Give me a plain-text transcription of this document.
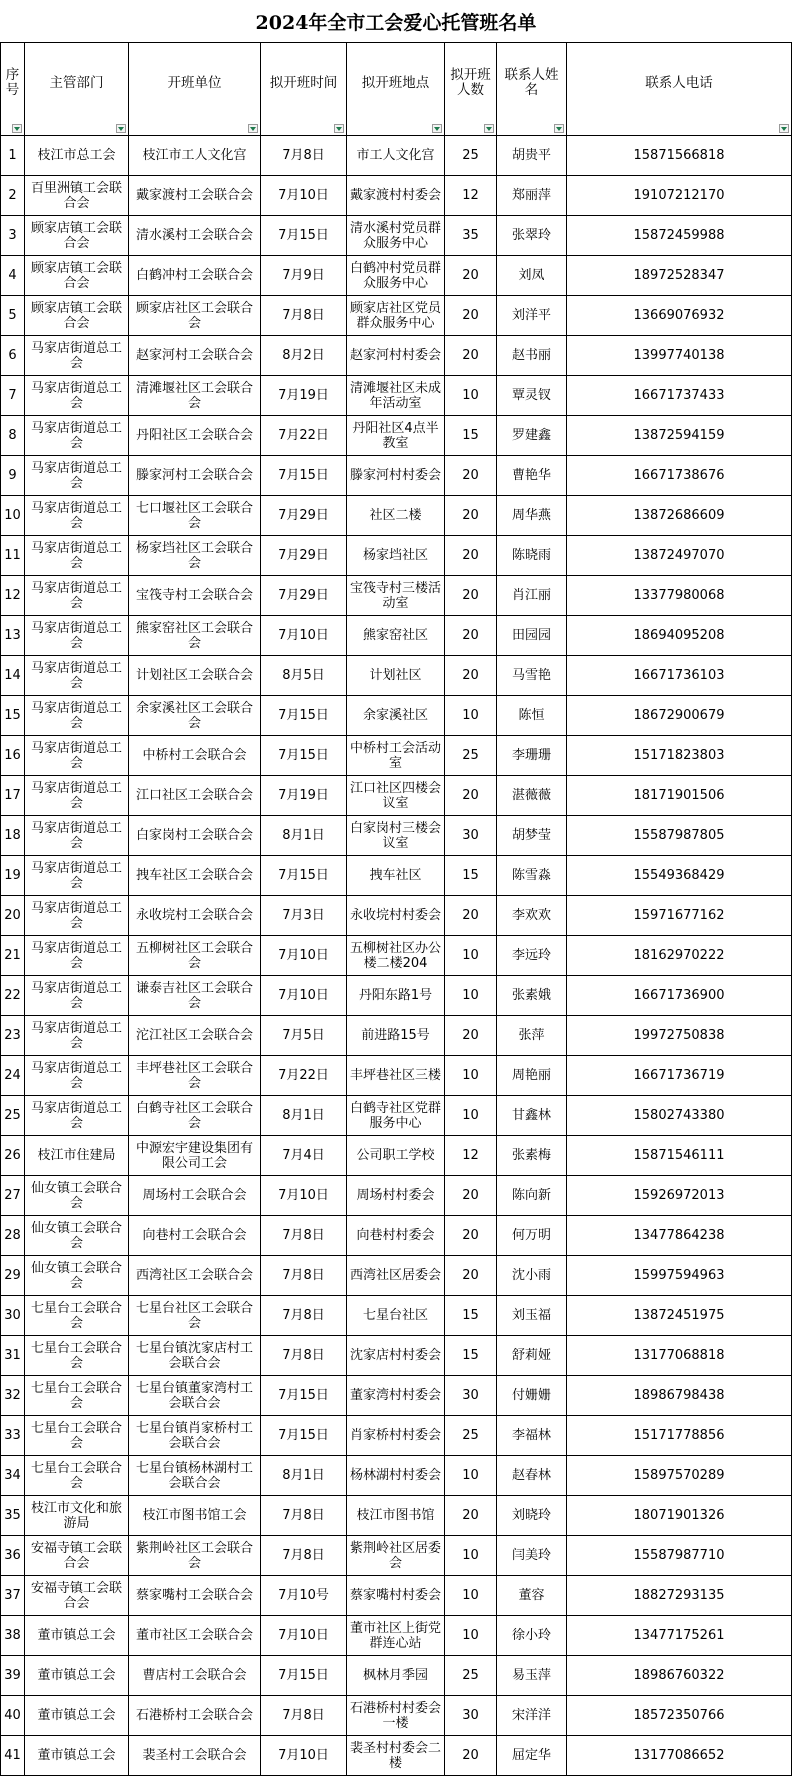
2024年全市工会爱心托管班名单
序号	主管部门	开班单位	拟开班时间	拟开班地点	拟开班人数	联系人姓名	联系人电话

1	枝江市总工会	枝江市工人文化宫	7月8日	市工人文化宫	25	胡贵平	15871566818
2	百里洲镇工会联合会	戴家渡村工会联合会	7月10日	戴家渡村村委会	12	郑丽萍	19107212170
3	顾家店镇工会联合会	清水溪村工会联合会	7月15日	清水溪村党员群众服务中心	35	张翠玲	15872459988
4	顾家店镇工会联合会	白鹤冲村工会联合会	7月9日	白鹤冲村党员群众服务中心	20	刘凤	18972528347
5	顾家店镇工会联合会	顾家店社区工会联合会	7月8日	顾家店社区党员群众服务中心	20	刘洋平	13669076932
6	马家店街道总工会	赵家河村工会联合会	8月2日	赵家河村村委会	20	赵书丽	13997740138
7	马家店街道总工会	清滩堰社区工会联合会	7月19日	清滩堰社区未成年活动室	10	覃灵钗	16671737433
8	马家店街道总工会	丹阳社区工会联合会	7月22日	丹阳社区4点半教室	15	罗建鑫	13872594159
9	马家店街道总工会	滕家河村工会联合会	7月15日	滕家河村村委会	20	曹艳华	16671738676
10	马家店街道总工会	七口堰社区工会联合会	7月29日	社区二楼	20	周华燕	13872686609
11	马家店街道总工会	杨家垱社区工会联合会	7月29日	杨家垱社区	20	陈晓雨	13872497070
12	马家店街道总工会	宝筏寺村工会联合会	7月29日	宝筏寺村三楼活动室	20	肖江丽	13377980068
13	马家店街道总工会	熊家窑社区工会联合会	7月10日	熊家窑社区	20	田园园	18694095208
14	马家店街道总工会	计划社区工会联合会	8月5日	计划社区	20	马雪艳	16671736103
15	马家店街道总工会	余家溪社区工会联合会	7月15日	余家溪社区	10	陈恒	18672900679
16	马家店街道总工会	中桥村工会联合会	7月15日	中桥村工会活动室	25	李珊珊	15171823803
17	马家店街道总工会	江口社区工会联合会	7月19日	江口社区四楼会议室	20	湛薇薇	18171901506
18	马家店街道总工会	白家岗村工会联合会	8月1日	白家岗村三楼会议室	30	胡梦莹	15587987805
19	马家店街道总工会	拽车社区工会联合会	7月15日	拽车社区	15	陈雪淼	15549368429
20	马家店街道总工会	永收垸村工会联合会	7月3日	永收垸村村委会	20	李欢欢	15971677162
21	马家店街道总工会	五柳树社区工会联合会	7月10日	五柳树社区办公楼二楼204	10	李远玲	18162970222
22	马家店街道总工会	谦泰吉社区工会联合会	7月10日	丹阳东路1号	10	张素娥	16671736900
23	马家店街道总工会	沱江社区工会联合会	7月5日	前进路15号	20	张萍	19972750838
24	马家店街道总工会	丰坪巷社区工会联合会	7月22日	丰坪巷社区三楼	10	周艳丽	16671736719
25	马家店街道总工会	白鹤寺社区工会联合会	8月1日	白鹤寺社区党群服务中心	10	甘鑫林	15802743380
26	枝江市住建局	中源宏宇建设集团有限公司工会	7月4日	公司职工学校	12	张素梅	15871546111
27	仙女镇工会联合会	周场村工会联合会	7月10日	周场村村委会	20	陈向新	15926972013
28	仙女镇工会联合会	向巷村工会联合会	7月8日	向巷村村委会	20	何万明	13477864238
29	仙女镇工会联合会	西湾社区工会联合会	7月8日	西湾社区居委会	20	沈小雨	15997594963
30	七星台工会联合会	七星台社区工会联合会	7月8日	七星台社区	15	刘玉福	13872451975
31	七星台工会联合会	七星台镇沈家店村工会联合会	7月8日	沈家店村村委会	15	舒莉娅	13177068818
32	七星台工会联合会	七星台镇董家湾村工会联合会	7月15日	董家湾村村委会	30	付姗姗	18986798438
33	七星台工会联合会	七星台镇肖家桥村工会联合会	7月15日	肖家桥村村委会	25	李福林	15171778856
34	七星台工会联合会	七星台镇杨林湖村工会联合会	8月1日	杨林湖村村委会	10	赵春林	15897570289
35	枝江市文化和旅游局	枝江市图书馆工会	7月8日	枝江市图书馆	20	刘晓玲	18071901326
36	安福寺镇工会联合会	紫荆岭社区工会联合会	7月8日	紫荆岭社区居委会	10	闫美玲	15587987710
37	安福寺镇工会联合会	蔡家嘴村工会联合会	7月10号	蔡家嘴村村委会	10	董容	18827293135
38	董市镇总工会	董市社区工会联合会	7月10日	董市社区上街党群连心站	10	徐小玲	13477175261
39	董市镇总工会	曹店村工会联合会	7月15日	枫林月季园	25	易玉萍	18986760322
40	董市镇总工会	石港桥村工会联合会	7月8日	石港桥村村委会一楼	30	宋洋洋	18572350766
41	董市镇总工会	裴圣村工会联合会	7月10日	裴圣村村委会二楼	20	屈定华	13177086652
